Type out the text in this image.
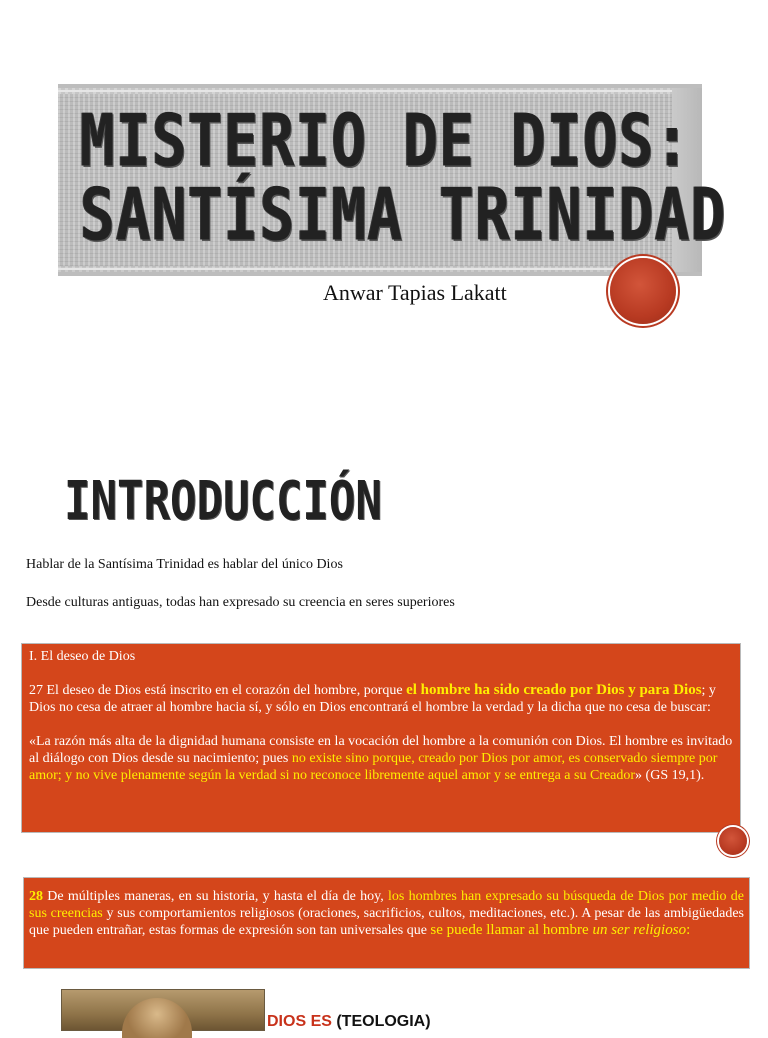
MISTERIO DE DIOS:
SANTÍSIMA TRINIDAD
Anwar Tapias Lakatt
INTRODUCCIÓN
Hablar de la Santísima Trinidad es hablar del único Dios
Desde culturas antiguas, todas han expresado su creencia en seres superiores
I. El deseo de Dios
27 El deseo de Dios está inscrito en el corazón del hombre, porque el hombre ha sido creado por Dios y para Dios; y Dios no cesa de atraer al hombre hacia sí, y sólo en Dios encontrará el hombre la verdad y la dicha que no cesa de buscar:
«La razón más alta de la dignidad humana consiste en la vocación del hombre a la comunión con Dios. El hombre es invitado al diálogo con Dios desde su nacimiento; pues no existe sino porque, creado por Dios por amor, es conservado siempre por amor; y no vive plenamente según la verdad si no reconoce libremente aquel amor y se entrega a su Creador» (GS 19,1).
28 De múltiples maneras, en su historia, y hasta el día de hoy, los hombres han expresado su búsqueda de Dios por medio de sus creencias y sus comportamientos religiosos (oraciones, sacrificios, cultos, meditaciones, etc.). A pesar de las ambigüedades que pueden entrañar, estas formas de expresión son tan universales que se puede llamar al hombre un ser religioso:
DIOS ES (TEOLOGIA)
